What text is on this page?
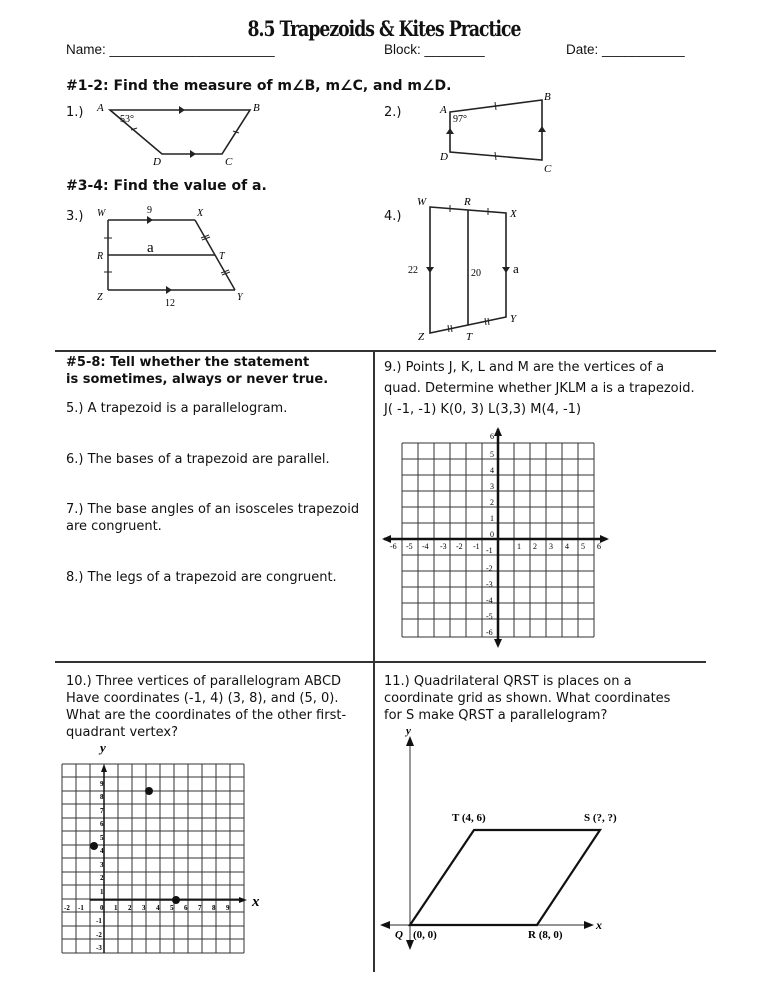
8.5 Trapezoids & Kites Practice
Name: ______________________	Block: ________	Date: ___________
#1-2: Find the measure of m∠B, m∠C, and m∠D.
1.) A	B
C
D
53°	2.)	A
B
C
D
97°
#3-4: Find the value of a.
3.) W	X
T
Y
Z
R
9
12
a
4.)
W	R
X
Y
T
Z
22	20 a
#5-8: Tell whether the statement
is sometimes, always or never true.
5.) A trapezoid is a parallelogram.
6.) The bases of a trapezoid are parallel.
7.) The base angles of an isosceles trapezoid
are congruent.
8.) The legs of a trapezoid are congruent.
9.) Points J, K, L and M are the vertices of a
quad. Determine whether JKLM a is a trapezoid.
J( -1, -1) K(0, 3) L(3,3) M(4, -1)
-6 -5 -4 -3 -2 -1	1 2 3 4 5 6
6
5
4
3
2
1
0
-1
-2
-3
-4
-5
-6
10.) Three vertices of parallelogram ABCD
Have coordinates (-1, 4) (3, 8), and (5, 0).
What are the coordinates of the other first-
quadrant vertex?
y
x
-2 -1 0 1 2 3 4 5 6 7 8 9
9
8
7
6
5
4
3
2
1
-1
-2
-3
11.) Quadrilateral QRST is places on a
coordinate grid as shown. What coordinates
for S make QRST a parallelogram?
y
x
T (4, 6)	S (?, ?)
Q (0, 0)	R (8, 0)
